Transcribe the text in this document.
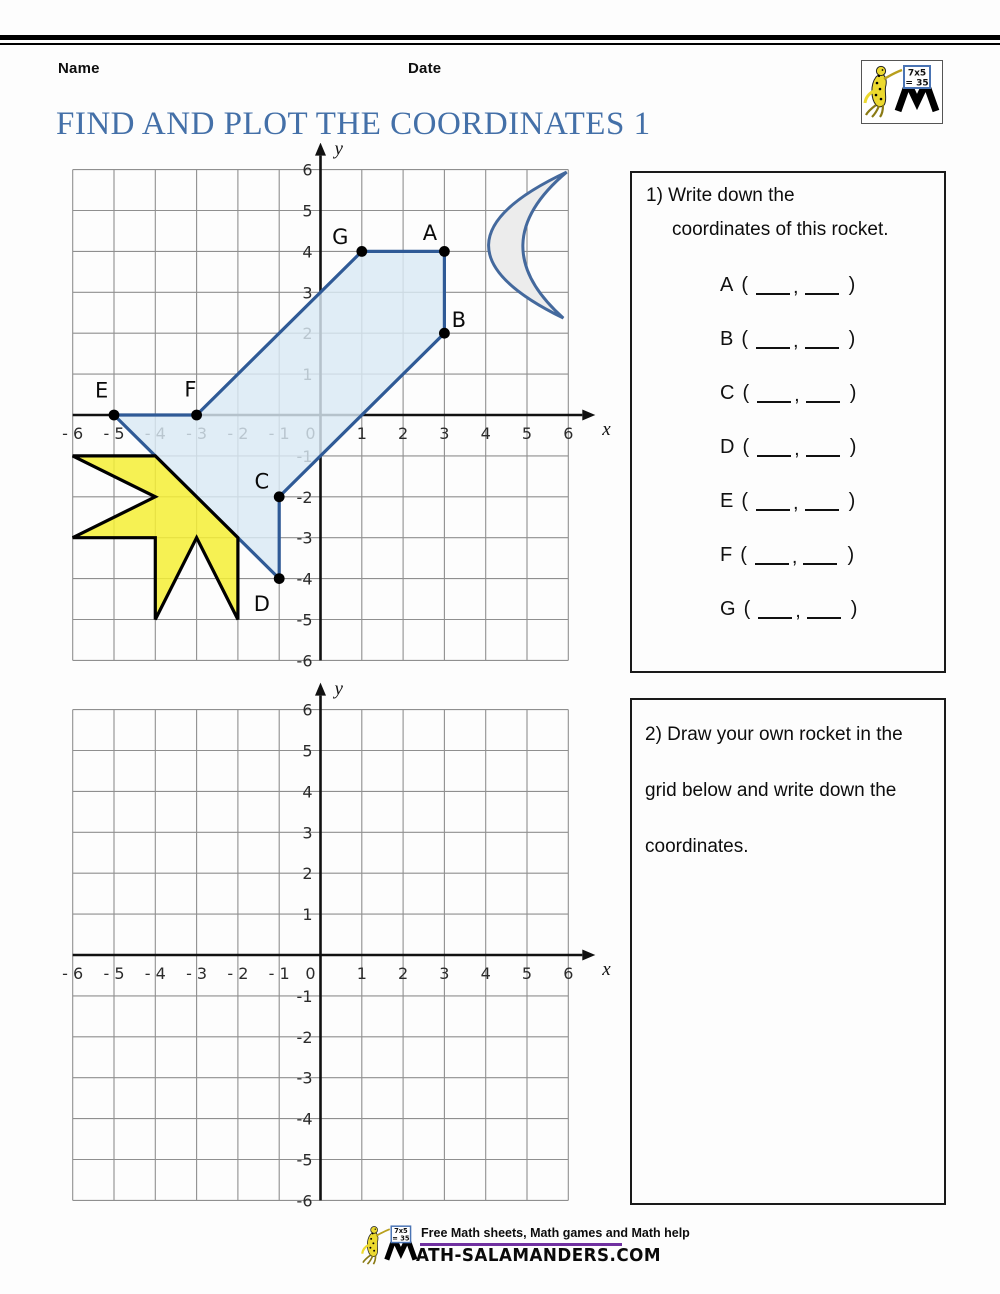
Name	Date	7x5
= 35
FIND AND PLOT THE COORDINATES 1
x
y
- 6 - 5	1 2 3 4 5 6
6
5
4
3
-2
-3
-4
-5
-6
A
B
C
D
E	F
G
x
y
- 6 - 5 - 4 - 3 - 2 - 1 0	1 2 3 4 5 6
6
5
4
3
2
1
-1
-2
-3
-4
-5
-6
1) Write down the
coordinates of this rocket.
A ( ,	)
B ( ,	)
C ( ,	)
D ( ,	)
E ( ,	)
F ( ,	)
G ( ,	)
2) Draw your own rocket in the
grid below and write down the
coordinates.
7x5
= 35 Free Math sheets, Math games and Math help
ATH-SALAMANDERS.COM
